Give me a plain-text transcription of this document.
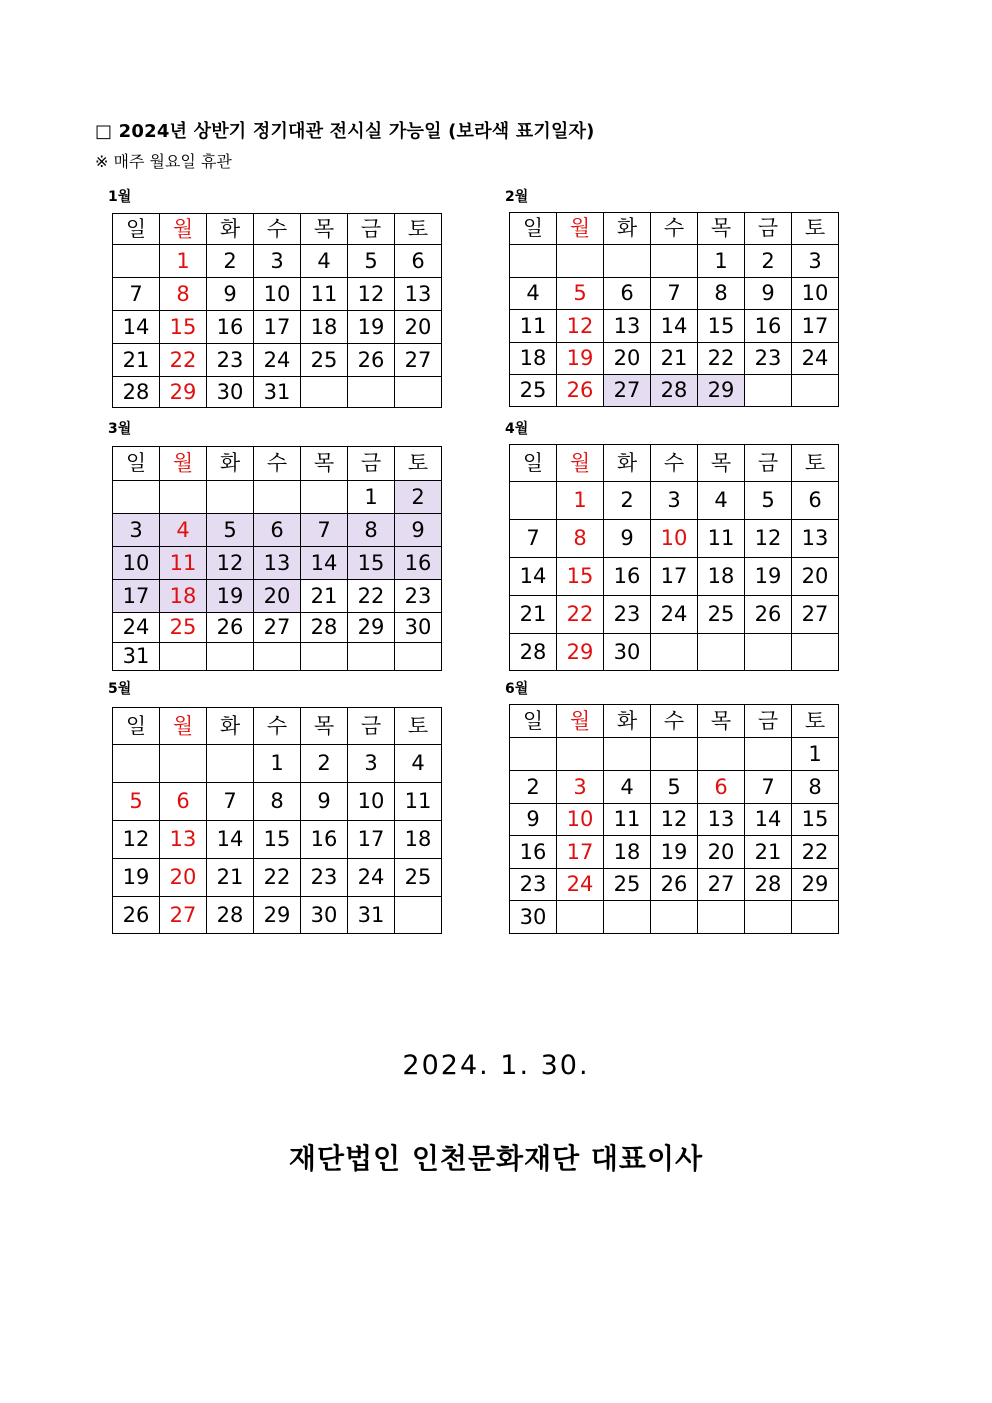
□ 2024년 상반기 정기대관 전시실 가능일 (보라색 표기일자)
※ 매주 월요일 휴관
1월
일	월	화	수	목	금	토
	1	2	3	4	5	6
7	8	9	10	11	12	13
14	15	16	17	18	19	20
21	22	23	24	25	26	27
28	29	30	31			
2월
일	월	화	수	목	금	토
				1	2	3
4	5	6	7	8	9	10
11	12	13	14	15	16	17
18	19	20	21	22	23	24
25	26	27	28	29		
3월
일	월	화	수	목	금	토
					1	2
3	4	5	6	7	8	9
10	11	12	13	14	15	16
17	18	19	20	21	22	23
24	25	26	27	28	29	30
31						
4월
일	월	화	수	목	금	토
	1	2	3	4	5	6
7	8	9	10	11	12	13
14	15	16	17	18	19	20
21	22	23	24	25	26	27
28	29	30				
5월
일	월	화	수	목	금	토
			1	2	3	4
5	6	7	8	9	10	11
12	13	14	15	16	17	18
19	20	21	22	23	24	25
26	27	28	29	30	31	
6월
일	월	화	수	목	금	토
						1
2	3	4	5	6	7	8
9	10	11	12	13	14	15
16	17	18	19	20	21	22
23	24	25	26	27	28	29
30						
2024. 1. 30.
재단법인 인천문화재단 대표이사
